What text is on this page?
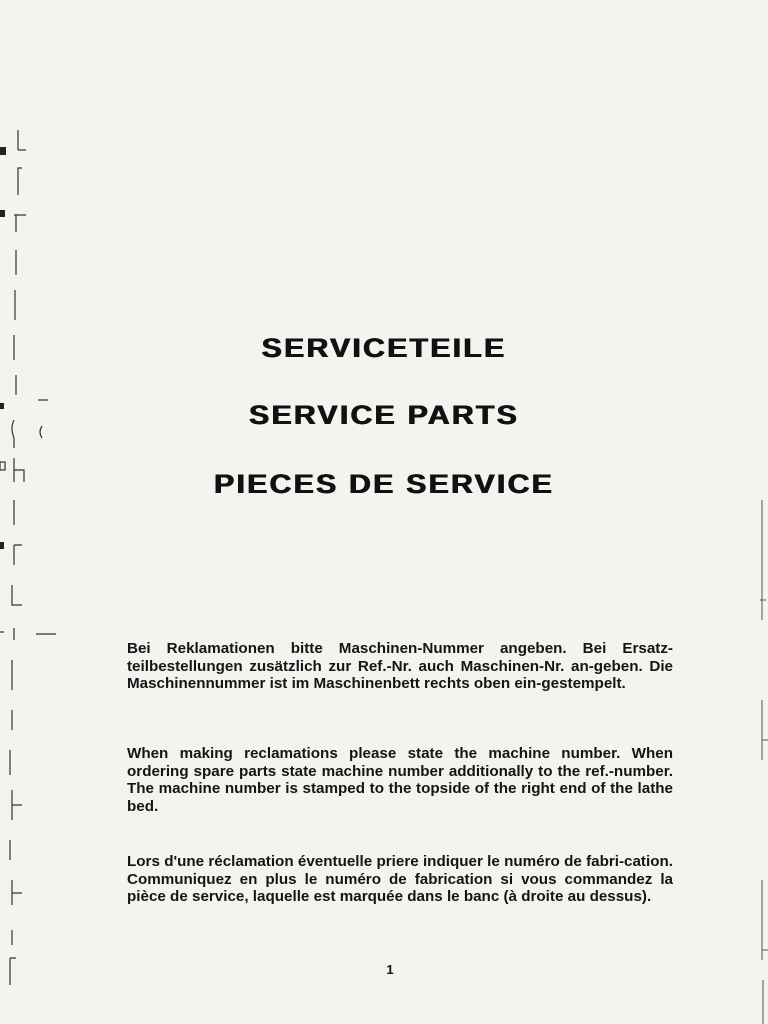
SERVICETEILE
SERVICE PARTS
PIECES DE SERVICE

Bei Reklamationen bitte Maschinen-Nummer angeben. Bei Ersatz-teilbestellungen zusätzlich zur Ref.-Nr. auch Maschinen-Nr. an-geben. Die Maschinennummer ist im Maschinenbett rechts oben ein-gestempelt.

When making reclamations please state the machine number. When ordering spare parts state machine number additionally to the ref.-number. The machine number is stamped to the topside of the right end of the lathe bed.

Lors d'une réclamation éventuelle priere indiquer le numéro de fabri-cation. Communiquez en plus le numéro de fabrication si vous commandez la pièce de service, laquelle est marquée dans le banc (à droite au dessus).

1
